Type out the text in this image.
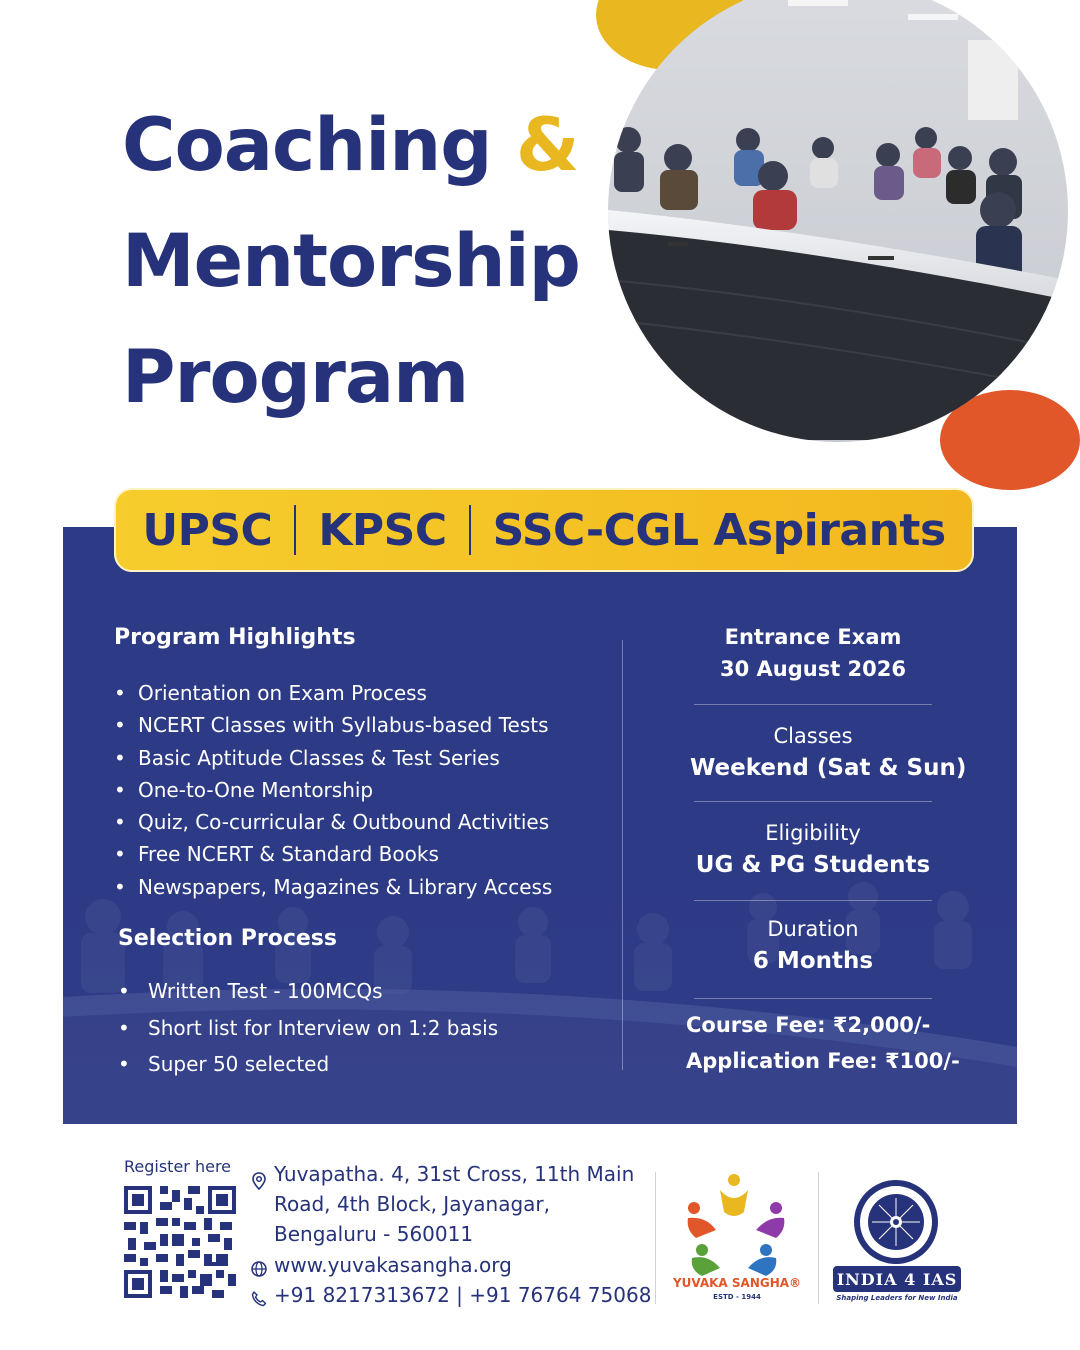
Coaching &
Mentorship
Program
UPSC KPSC SSC-CGL Aspirants
Program Highlights
• Orientation on Exam Process
• NCERT Classes with Syllabus-based Tests
• Basic Aptitude Classes & Test Series
• One-to-One Mentorship
• Quiz, Co-curricular & Outbound Activities
• Free NCERT & Standard Books
• Newspapers, Magazines & Library Access
Selection Process
• Written Test - 100MCQs
• Short list for Interview on 1:2 basis
• Super 50 selected
Entrance Exam
30 August 2026
Classes
Weekend (Sat & Sun)
Eligibility
UG & PG Students
Duration
6 Months
Course Fee: ₹2,000/-
Application Fee: ₹100/-
Register here Yuvapatha. 4, 31st Cross, 11th Main
Road, 4th Block, Jayanagar,
Bengaluru - 560011
www.yuvakasangha.org
+91 8217313672 | +91 76764 75068 YUVAKA SANGHA®
ESTD - 1944
INDIA 4 IAS
Shaping Leaders for New India
